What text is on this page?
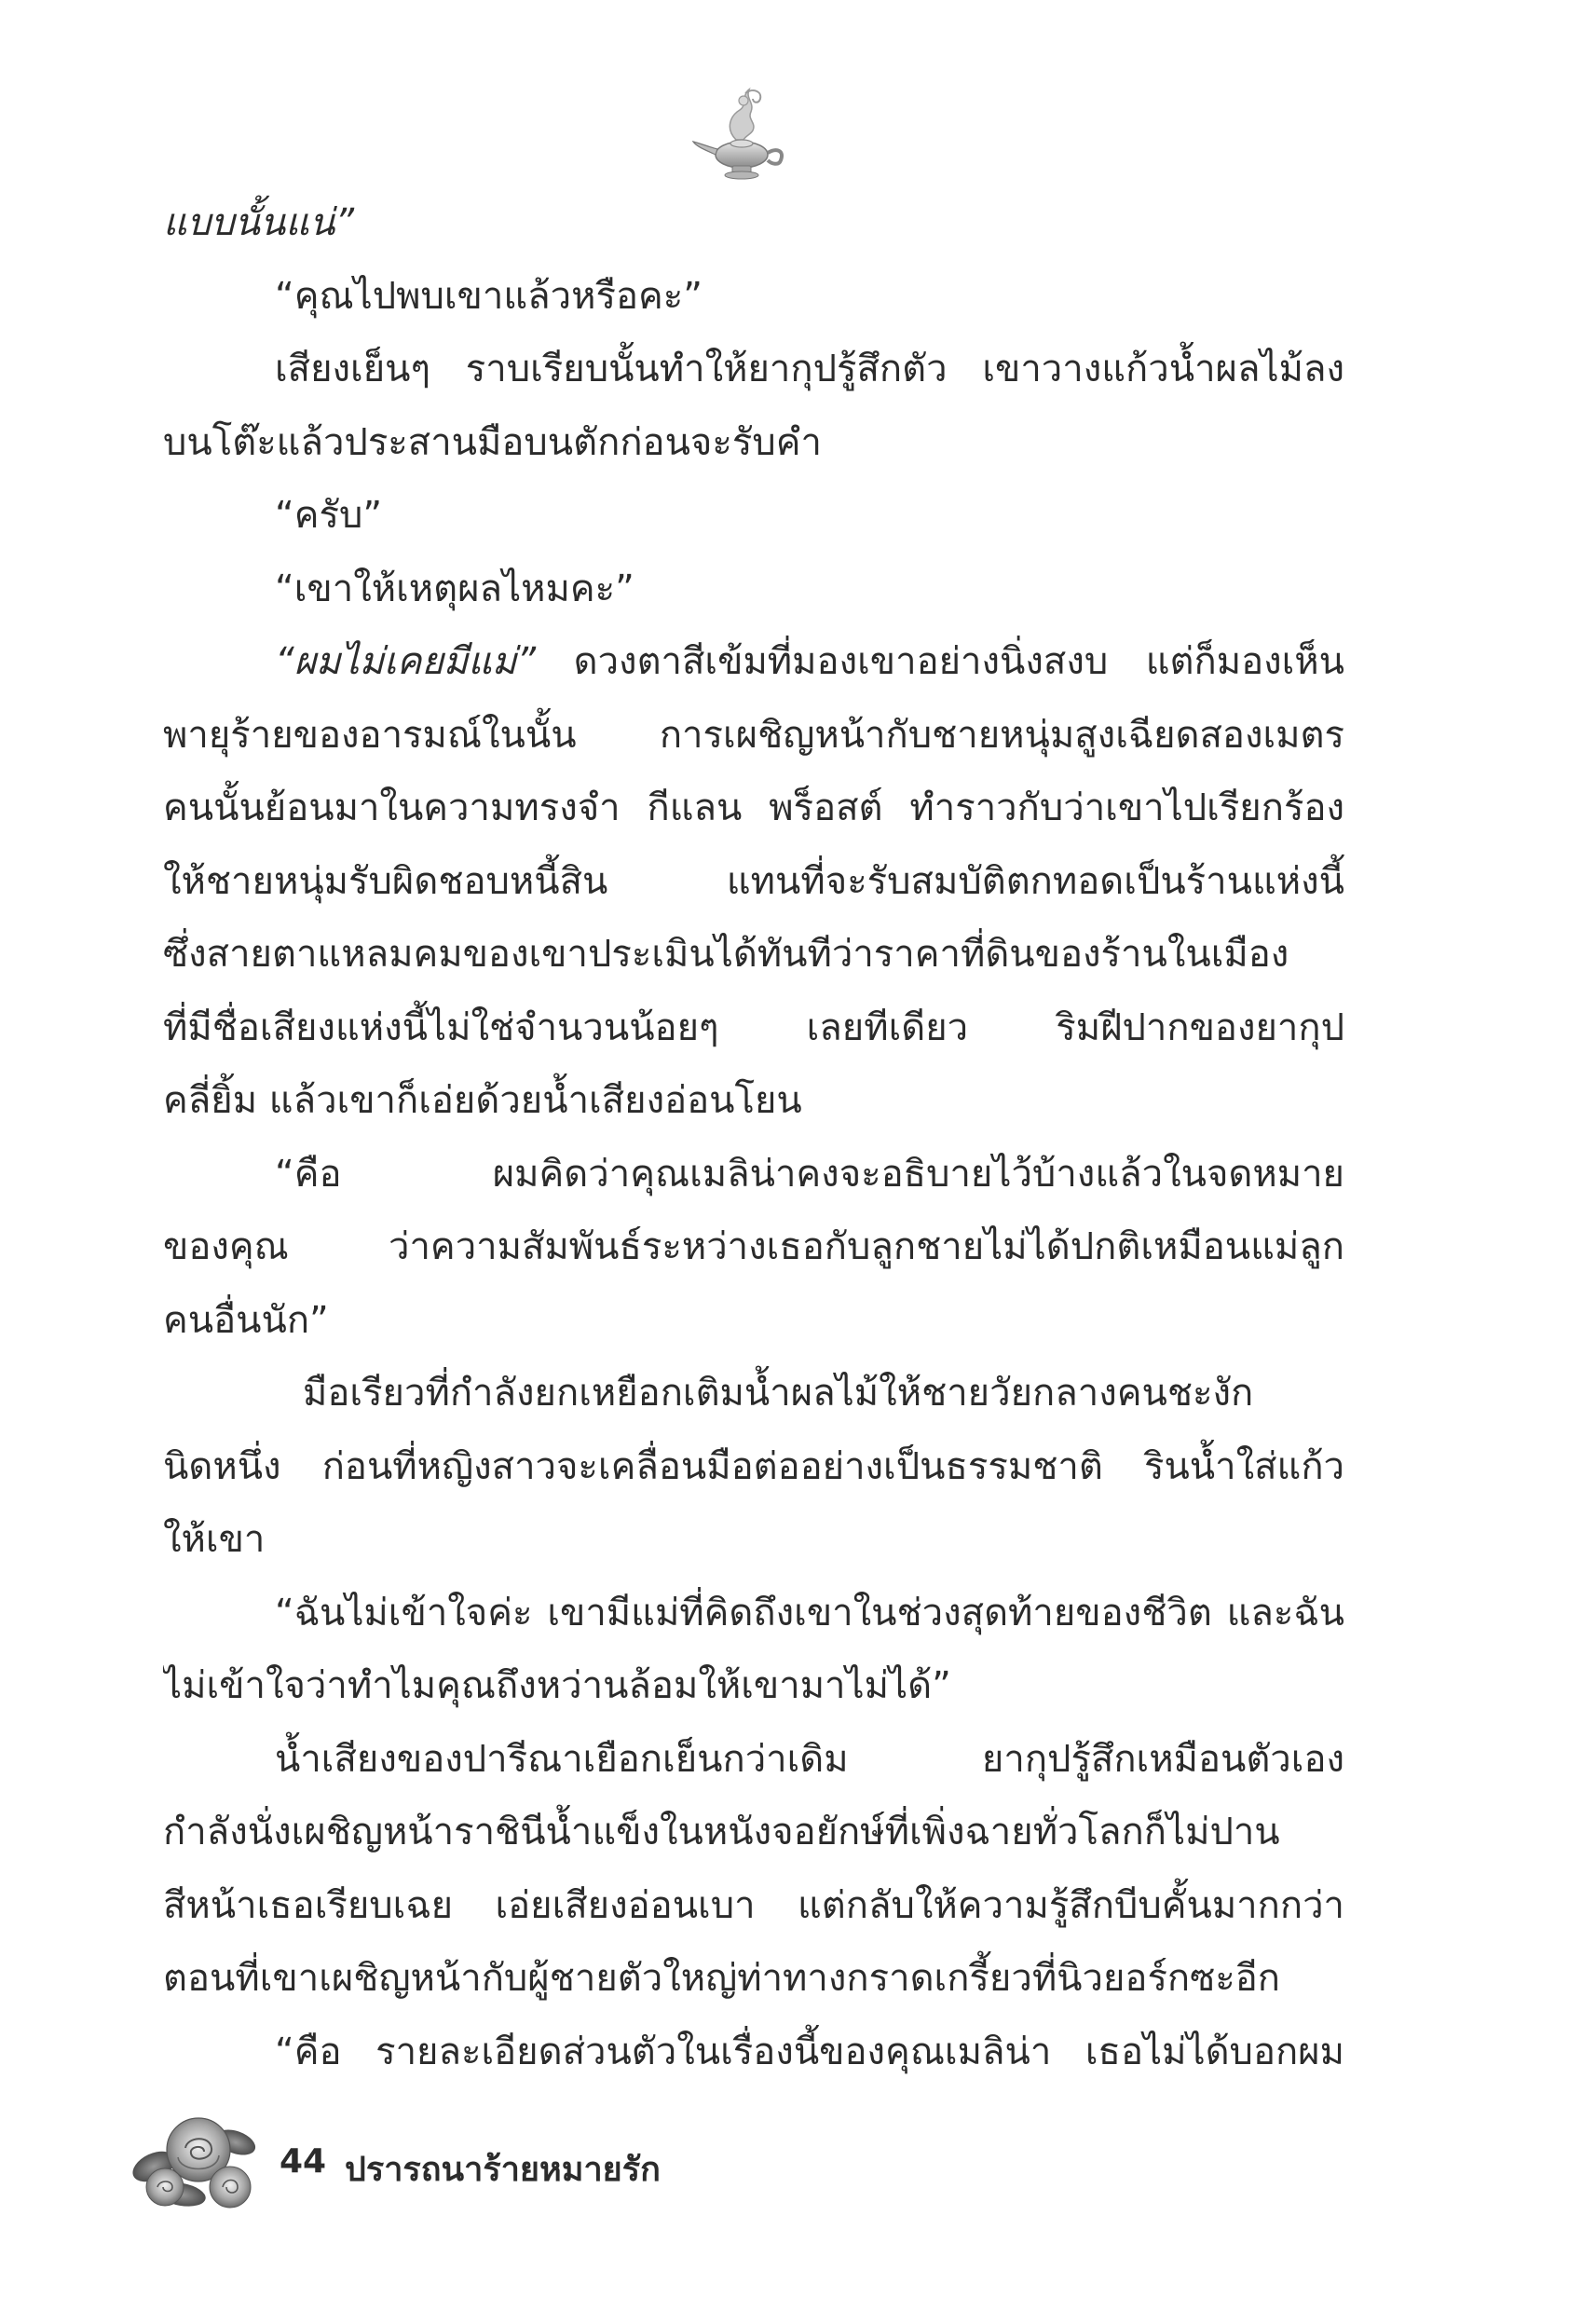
แบบนั้นแน่”
“คุณไปพบเขาแล้วหรือคะ”
เสียงเย็นๆ ราบเรียบนั้นทำให้ยากุปรู้สึกตัว เขาวางแก้วน้ำผลไม้ลง
บนโต๊ะแล้วประสานมือบนตักก่อนจะรับคำ
“ครับ”
“เขาให้เหตุผลไหมคะ”
“ผมไม่เคยมีแม่” ดวงตาสีเข้มที่มองเขาอย่างนิ่งสงบ แต่ก็มองเห็น
พายุร้ายของอารมณ์ในนั้น การเผชิญหน้ากับชายหนุ่มสูงเฉียดสองเมตร
คนนั้นย้อนมาในความทรงจำ กีแลน พร็อสต์ ทำราวกับว่าเขาไปเรียกร้อง
ให้ชายหนุ่มรับผิดชอบหนี้สิน แทนที่จะรับสมบัติตกทอดเป็นร้านแห่งนี้
ซึ่งสายตาแหลมคมของเขาประเมินได้ทันทีว่าราคาที่ดินของร้านในเมือง
ที่มีชื่อเสียงแห่งนี้ไม่ใช่จำนวนน้อยๆ เลยทีเดียว ริมฝีปากของยากุป
คลี่ยิ้ม แล้วเขาก็เอ่ยด้วยน้ำเสียงอ่อนโยน
“คือ ผมคิดว่าคุณเมลิน่าคงจะอธิบายไว้บ้างแล้วในจดหมาย
ของคุณ ว่าความสัมพันธ์ระหว่างเธอกับลูกชายไม่ได้ปกติเหมือนแม่ลูก
คนอื่นนัก”
มือเรียวที่กำลังยกเหยือกเติมน้ำผลไม้ให้ชายวัยกลางคนชะงัก
นิดหนึ่ง ก่อนที่หญิงสาวจะเคลื่อนมือต่ออย่างเป็นธรรมชาติ รินน้ำใส่แก้ว
ให้เขา
“ฉันไม่เข้าใจค่ะ เขามีแม่ที่คิดถึงเขาในช่วงสุดท้ายของชีวิต และฉัน
ไม่เข้าใจว่าทำไมคุณถึงหว่านล้อมให้เขามาไม่ได้”
น้ำเสียงของปารีณาเยือกเย็นกว่าเดิม ยากุปรู้สึกเหมือนตัวเอง
กำลังนั่งเผชิญหน้าราชินีน้ำแข็งในหนังจอยักษ์ที่เพิ่งฉายทั่วโลกก็ไม่ปาน
สีหน้าเธอเรียบเฉย เอ่ยเสียงอ่อนเบา แต่กลับให้ความรู้สึกบีบคั้นมากกว่า
ตอนที่เขาเผชิญหน้ากับผู้ชายตัวใหญ่ท่าทางกราดเกรี้ยวที่นิวยอร์กซะอีก
“คือ รายละเอียดส่วนตัวในเรื่องนี้ของคุณเมลิน่า เธอไม่ได้บอกผม
44 ปรารถนาร้ายหมายรัก
